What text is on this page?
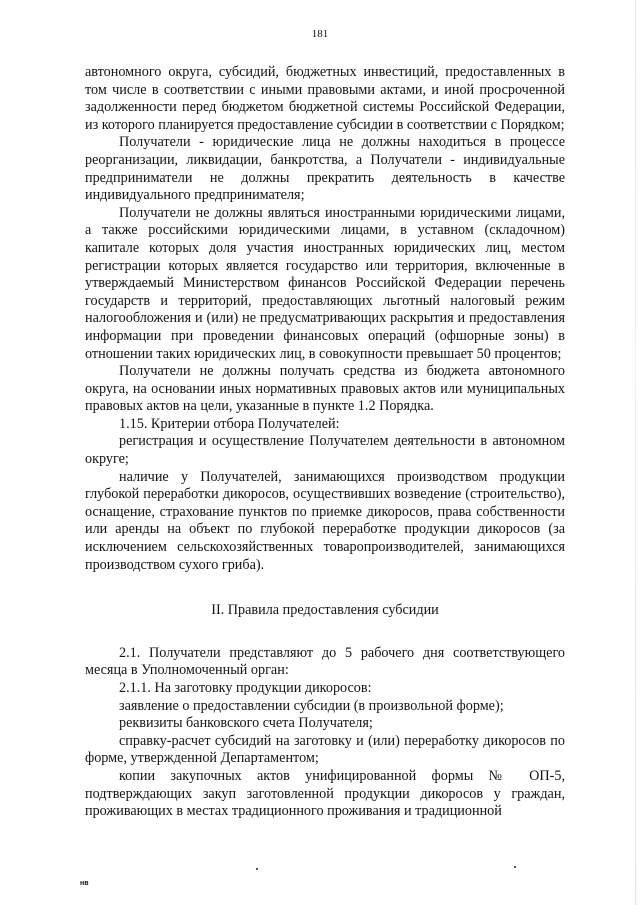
181

автономного округа, субсидий, бюджетных инвестиций, предоставленных в том числе в соответствии с иными правовыми актами, и иной просроченной задолженности перед бюджетом бюджетной системы Российской Федерации, из которого планируется предоставление субсидии в соответствии с Порядком;

Получатели - юридические лица не должны находиться в процессе реорганизации, ликвидации, банкротства, а Получатели - индивидуальные предприниматели не должны прекратить деятельность в качестве индивидуального предпринимателя;

Получатели не должны являться иностранными юридическими лицами, а также российскими юридическими лицами, в уставном (складочном) капитале которых доля участия иностранных юридических лиц, местом регистрации которых является государство или территория, включенные в утверждаемый Министерством финансов Российской Федерации перечень государств и территорий, предоставляющих льготный налоговый режим налогообложения и (или) не предусматривающих раскрытия и предоставления информации при проведении финансовых операций (офшорные зоны) в отношении таких юридических лиц, в совокупности превышает 50 процентов;

Получатели не должны получать средства из бюджета автономного округа, на основании иных нормативных правовых актов или муниципальных правовых актов на цели, указанные в пункте 1.2 Порядка.

1.15. Критерии отбора Получателей:

регистрация и осуществление Получателем деятельности в автономном округе;

наличие у Получателей, занимающихся производством продукции глубокой переработки дикоросов, осуществивших возведение (строительство), оснащение, страхование пунктов по приемке дикоросов, права собственности или аренды на объект по глубокой переработке продукции дикоросов (за исключением сельскохозяйственных товаропроизводителей, занимающихся производством сухого гриба).

II. Правила предоставления субсидии

2.1. Получатели представляют до 5 рабочего дня соответствующего месяца в Уполномоченный орган:

2.1.1. На заготовку продукции дикоросов:

заявление о предоставлении субсидии (в произвольной форме);

реквизиты банковского счета Получателя;

справку-расчет субсидий на заготовку и (или) переработку дикоросов по форме, утвержденной Департаментом;

копии закупочных актов унифицированной формы № ОП-5, подтверждающих закуп заготовленной продукции дикоросов у граждан, проживающих в местах традиционного проживания и традиционной

нв
